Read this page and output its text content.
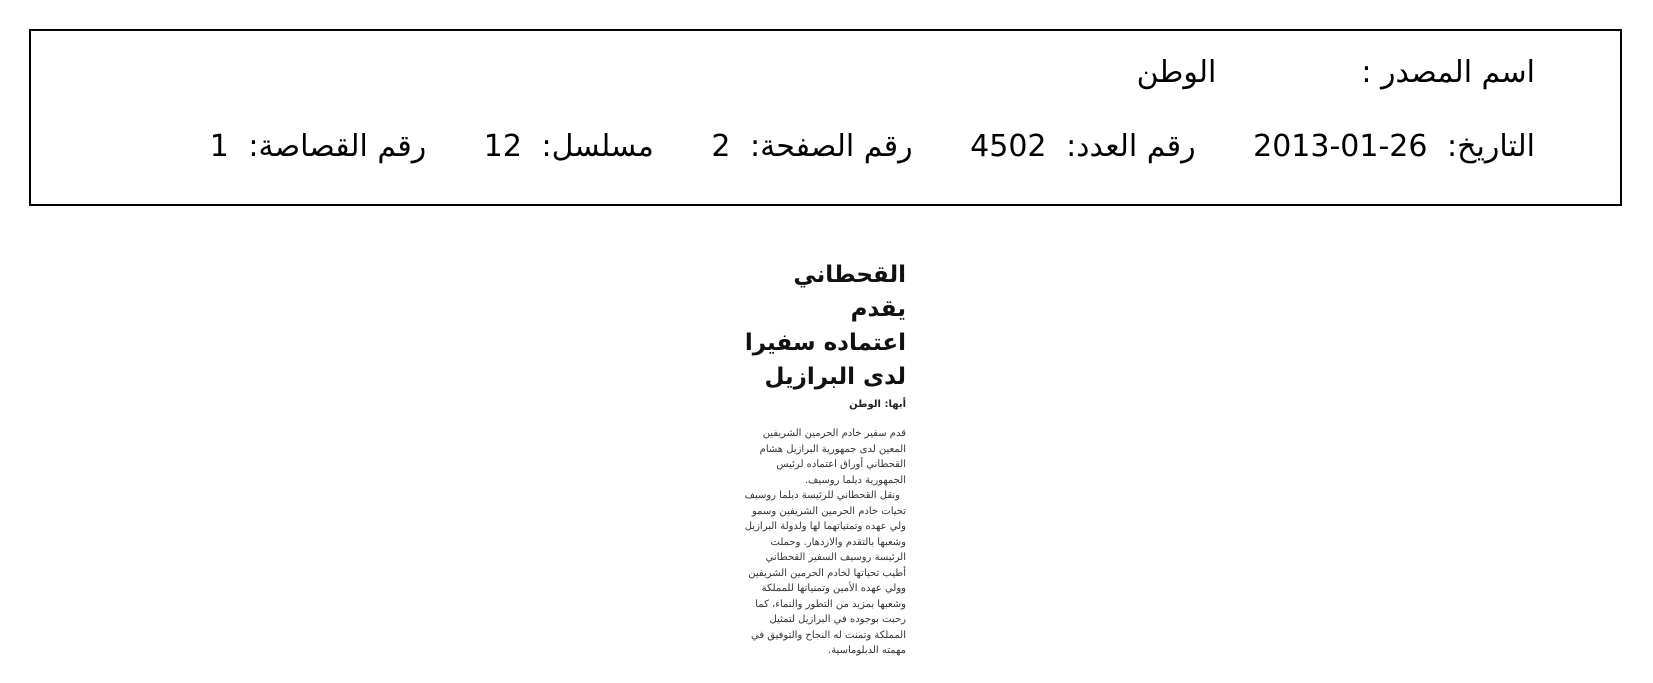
اسم المصدر :الوطن
التاريخ: 2013-01-26 رقم العدد: 4502 رقم الصفحة: 2 مسلسل: 12 رقم القصاصة: 1
القحطاني يقدم
اعتماده سفيرا
لدى البرازيل
أبها: الوطن

قدم سفير خادم الحرمين الشريفين المعين لدى جمهورية البرازيل هشام القحطاني أوراق اعتماده لرئيس الجمهورية ديلما روسيف.

ونقل القحطاني للرئيسة ديلما روسيف تحيات خادم الحرمين الشريفين وسمو ولي عهده وتمنياتهما لها ولدولة البرازيل وشعبها بالتقدم والازدهار. وحملت الرئيسة روسيف السفير القحطاني أطيب تحياتها لخادم الحرمين الشريفين وولي عهده الأمين وتمنياتها للمملكة وشعبها بمزيد من التطور والنماء، كما رحبت بوجوده في البرازيل لتمثيل المملكة وتمنت له النجاح والتوفيق في مهمته الدبلوماسية.
